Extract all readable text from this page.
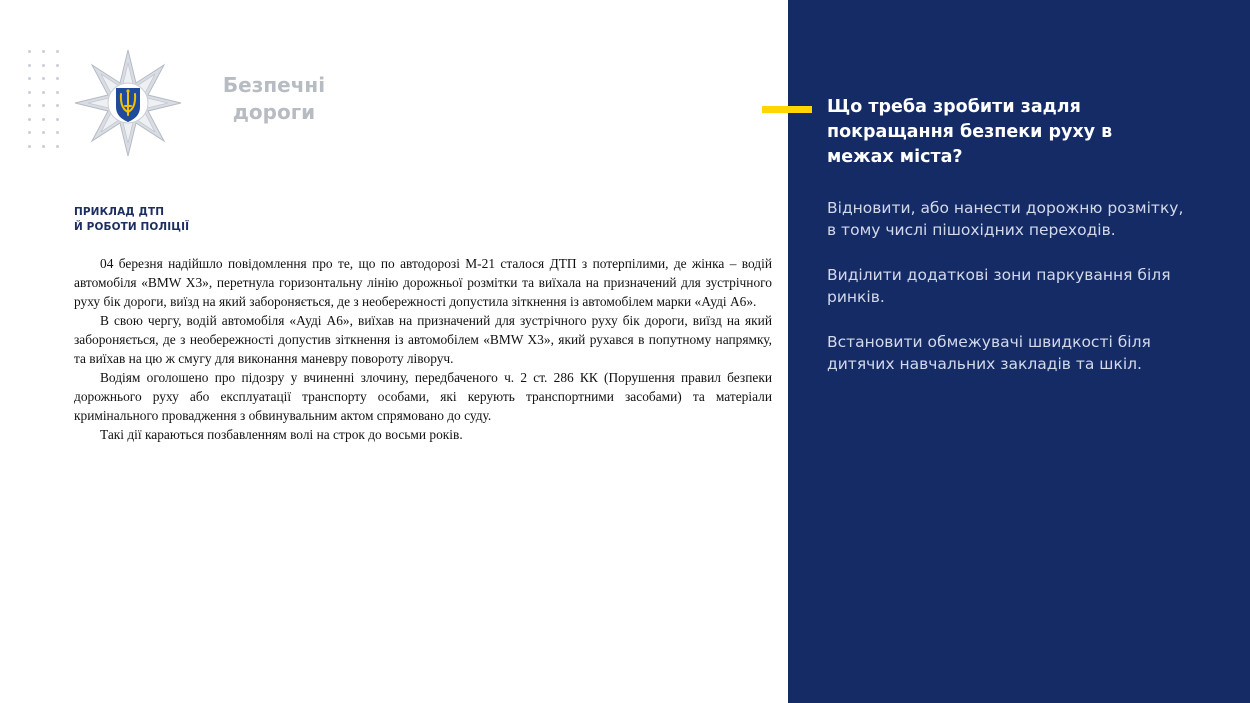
Безпечні
дороги
ПРИКЛАД ДТП
Й РОБОТИ ПОЛІЦІЇ

04 березня надійшло повідомлення про те, що по автодорозі М-21 сталося ДТП з потерпілими, де жінка – водій автомобіля «BMW X3», перетнула горизонтальну лінію дорожньої розмітки та виїхала на призначений для зустрічного руху бік дороги, виїзд на який забороняється, де з необережності допустила зіткнення із автомобілем марки «Ауді А6».

В свою чергу, водій автомобіля «Ауді А6», виїхав на призначений для зустрічного руху бік дороги, виїзд на який забороняється, де з необережності допустив зіткнення із автомобілем «BMW X3», який рухався в попутному напрямку, та виїхав на цю ж смугу для виконання маневру повороту ліворуч.

Водіям оголошено про підозру у вчиненні злочину, передбаченого ч. 2 ст. 286 КК (Порушення правил безпеки дорожнього руху або експлуатації транспорту особами, які керують транспортними засобами) та матеріали кримінального провадження з обвинувальним актом спрямовано до суду.

Такі дії караються позбавленням волі на строк до восьми років.

Що треба зробити задля покращання безпеки руху в межах міста?
Відновити, або нанести дорожню розмітку, в тому числі пішохідних переходів.
Виділити додаткові зони паркування біля ринків.
Встановити обмежувачі швидкості біля дитячих навчальних закладів та шкіл.
